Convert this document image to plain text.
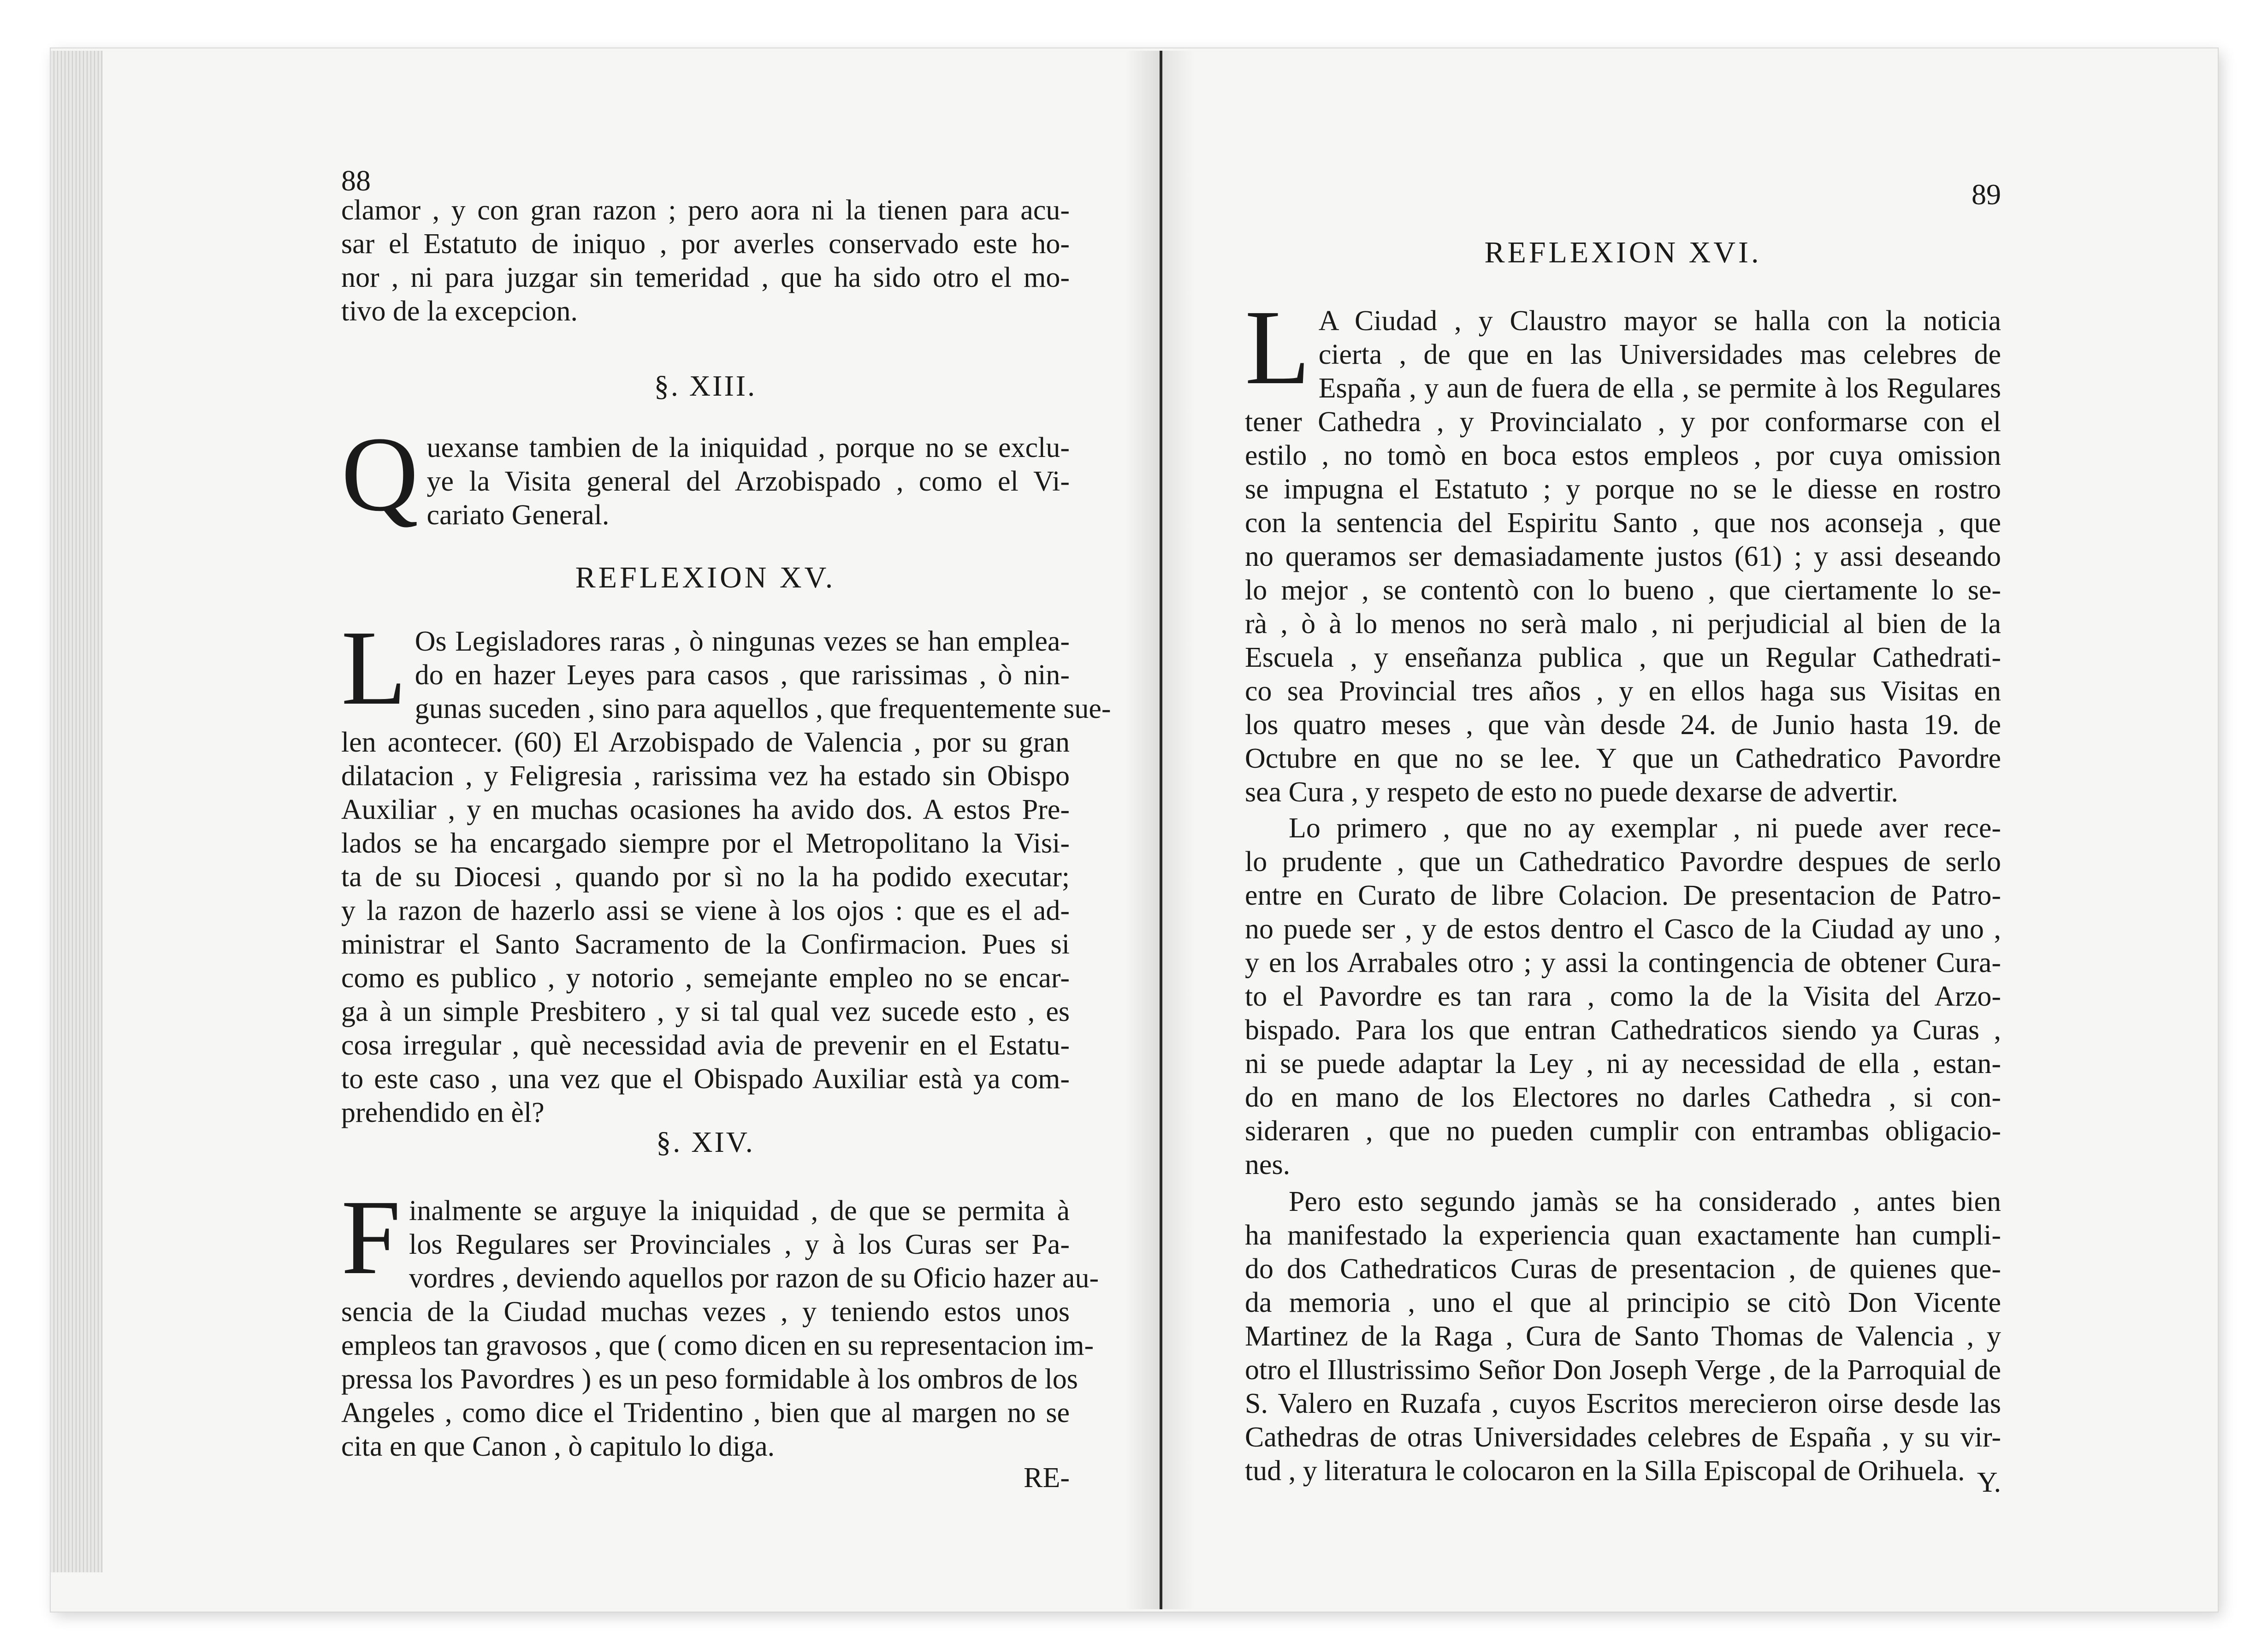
88
clamor , y con gran razon ; pero aora ni la tienen para acu-
sar el Estatuto de iniquo , por averles conservado este ho-
nor , ni para juzgar sin temeridad , que ha sido otro el mo-
tivo de la excepcion.
§. XIII.
Q uexanse tambien de la iniquidad , porque no se exclu-
ye la Visita general del Arzobispado , como el Vi-
cariato General.
REFLEXION XV.
L Os Legisladores raras , ò ningunas vezes se han emplea-
do en hazer Leyes para casos , que rarissimas , ò nin-
gunas suceden , sino para aquellos , que frequentemente sue-
len acontecer. (60) El Arzobispado de Valencia , por su gran
dilatacion , y Feligresia , rarissima vez ha estado sin Obispo
Auxiliar , y en muchas ocasiones ha avido dos. A estos Pre-
lados se ha encargado siempre por el Metropolitano la Visi-
ta de su Diocesi , quando por sì no la ha podido executar;
y la razon de hazerlo assi se viene à los ojos : que es el ad-
ministrar el Santo Sacramento de la Confirmacion. Pues si
como es publico , y notorio , semejante empleo no se encar-
ga à un simple Presbitero , y si tal qual vez sucede esto , es
cosa irregular , què necessidad avia de prevenir en el Estatu-
to este caso , una vez que el Obispado Auxiliar està ya com-
prehendido en èl?
§. XIV.
F inalmente se arguye la iniquidad , de que se permita à
los Regulares ser Provinciales , y à los Curas ser Pa-
vordres , deviendo aquellos por razon de su Oficio hazer au-
sencia de la Ciudad muchas vezes , y teniendo estos unos
empleos tan gravosos , que ( como dicen en su representacion im-
pressa los Pavordres ) es un peso formidable à los ombros de los
Angeles , como dice el Tridentino , bien que al margen no se
cita en que Canon , ò capitulo lo diga.
RE-
89
REFLEXION XVI.
L A Ciudad , y Claustro mayor se halla con la noticia
cierta , de que en las Universidades mas celebres de
España , y aun de fuera de ella , se permite à los Regulares
tener Cathedra , y Provincialato , y por conformarse con el
estilo , no tomò en boca estos empleos , por cuya omission
se impugna el Estatuto ; y porque no se le diesse en rostro
con la sentencia del Espiritu Santo , que nos aconseja , que
no queramos ser demasiadamente justos (61) ; y assi deseando
lo mejor , se contentò con lo bueno , que ciertamente lo se-
rà , ò à lo menos no serà malo , ni perjudicial al bien de la
Escuela , y enseñanza publica , que un Regular Cathedrati-
co sea Provincial tres años , y en ellos haga sus Visitas en
los quatro meses , que vàn desde 24. de Junio hasta 19. de
Octubre en que no se lee. Y que un Cathedratico Pavordre
sea Cura , y respeto de esto no puede dexarse de advertir.
Lo primero , que no ay exemplar , ni puede aver rece-
lo prudente , que un Cathedratico Pavordre despues de serlo
entre en Curato de libre Colacion. De presentacion de Patro-
no puede ser , y de estos dentro el Casco de la Ciudad ay uno ,
y en los Arrabales otro ; y assi la contingencia de obtener Cura-
to el Pavordre es tan rara , como la de la Visita del Arzo-
bispado. Para los que entran Cathedraticos siendo ya Curas ,
ni se puede adaptar la Ley , ni ay necessidad de ella , estan-
do en mano de los Electores no darles Cathedra , si con-
sideraren , que no pueden cumplir con entrambas obligacio-
nes.
Pero esto segundo jamàs se ha considerado , antes bien
ha manifestado la experiencia quan exactamente han cumpli-
do dos Cathedraticos Curas de presentacion , de quienes que-
da memoria , uno el que al principio se citò Don Vicente
Martinez de la Raga , Cura de Santo Thomas de Valencia , y
otro el Illustrissimo Señor Don Joseph Verge , de la Parroquial de
S. Valero en Ruzafa , cuyos Escritos merecieron oirse desde las
Cathedras de otras Universidades celebres de España , y su vir-
tud , y literatura le colocaron en la Silla Episcopal de Orihuela. Y.
